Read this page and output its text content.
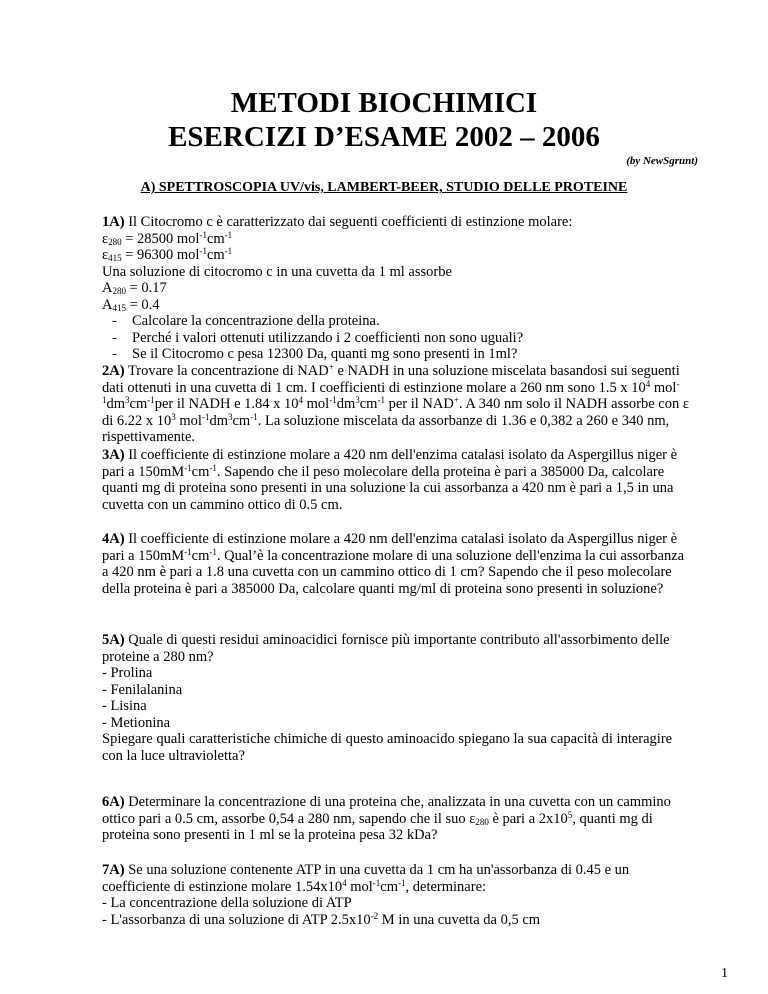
METODI BIOCHIMICI
ESERCIZI D’ESAME 2002 – 2006
(by NewSgrunt)
A) SPETTROSCOPIA UV/vis, LAMBERT-BEER, STUDIO DELLE PROTEINE

1A) Il Citocromo c è caratterizzato dai seguenti coefficienti di estinzione molare:

$\varepsilon_{280} = 28500$ $mol^{-1}cm^{-1}$

$\varepsilon_{415} = 96300$ $mol^{-1}cm^{-1}$

Una soluzione di citocromo c in una cuvetta da 1 ml assorbe

$A_{280} = 0.17$

$A_{415} = 0.4$

-	Calcolare la concentrazione della proteina.
-	Perché i valori ottenuti utilizzando i 2 coefficienti non sono uguali?
-	Se il Citocromo c pesa 12300 Da, quanti mg sono presenti in 1ml?

2A) Trovare la concentrazione di NAD+ e NADH in una soluzione miscelata basandosi sui seguenti dati ottenuti in una cuvetta di 1 cm. I coefficienti di estinzione molare a 260 nm sono 1.5 x $10^4$ $mol^{-1}dm^3cm^{-1}per$ il NADH e 1.84 x $10^4$ $mol^{-1}dm^3cm^{-1}$ per il NAD+. A 340 nm solo il NADH assorbe con ε di 6.22 x $10^3$ $mol^{-1}dm^3cm^{-1}$. La soluzione miscelata da assorbanze di 1.36 e 0,382 a 260 e 340 nm, rispettivamente.

3A) Il coefficiente di estinzione molare a 420 nm dell'enzima catalasi isolato da Aspergillus niger è pari a $150mM^{-1}cm^{-1}$. Sapendo che il peso molecolare della proteina è pari a 385000 Da, calcolare quanti mg di proteina sono presenti in una soluzione la cui assorbanza a 420 nm è pari a 1,5 in una cuvetta con un cammino ottico di 0.5 cm.

4A) Il coefficiente di estinzione molare a 420 nm dell'enzima catalasi isolato da Aspergillus niger è pari a $150mM^{-1}cm^{-1}$. Qual’è la concentrazione molare di una soluzione dell'enzima la cui assorbanza a 420 nm è pari a 1.8 una cuvetta con un cammino ottico di 1 cm? Sapendo che il peso molecolare della proteina è pari a 385000 Da, calcolare quanti mg/ml di proteina sono presenti in soluzione?

5A) Quale di questi residui aminoacidici fornisce più importante contributo all'assorbimento delle proteine a 280 nm?

- Prolina

- Fenilalanina

- Lisina

- Metionina

Spiegare quali caratteristiche chimiche di questo aminoacido spiegano la sua capacità di interagire con la luce ultravioletta?

6A) Determinare la concentrazione di una proteina che, analizzata in una cuvetta con un cammino ottico pari a 0.5 cm, assorbe 0,54 a 280 nm, sapendo che il suo $\varepsilon_{280}$ è pari a $2x10^5$, quanti mg di proteina sono presenti in 1 ml se la proteina pesa 32 kDa?

7A) Se una soluzione contenente ATP in una cuvetta da 1 cm ha un'assorbanza di 0.45 e un coefficiente di estinzione molare $1.54x10^4$ $mol^{-1}cm^{-1}$, determinare:

- La concentrazione della soluzione di ATP

- L'assorbanza di una soluzione di ATP $2.5x10^{-2}$ M in una cuvetta da 0,5 cm

1
